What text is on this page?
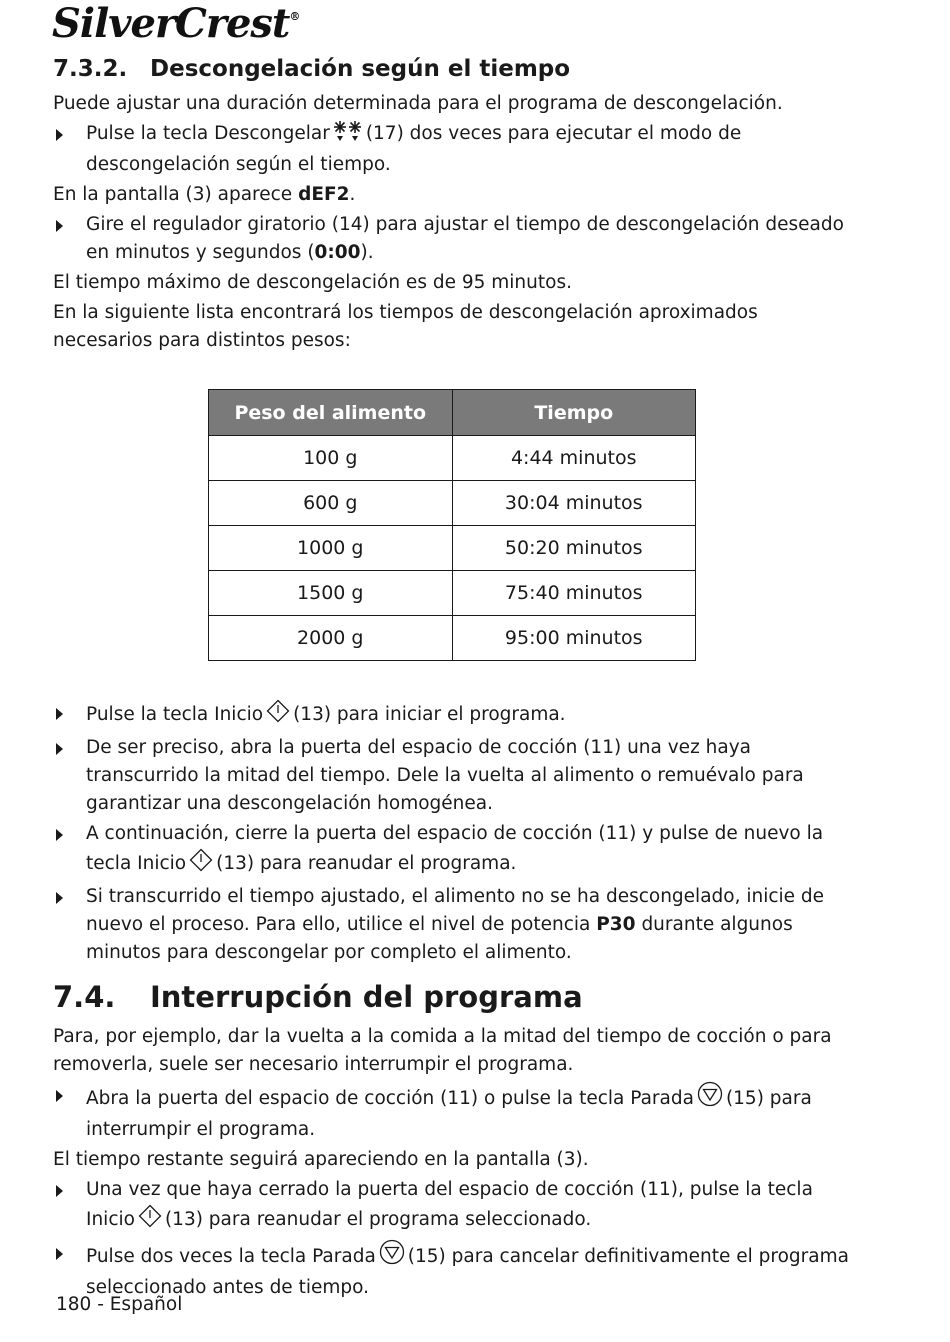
SilverCrest®
7.3.2. Descongelación según el tiempo

Puede ajustar una duración determinada para el programa de descongelación.

Pulse la tecla Descongelar (17) dos veces para ejecutar el modo de descongelación según el tiempo.

En la pantalla (3) aparece dEF2.

Gire el regulador giratorio (14) para ajustar el tiempo de descongelación deseado en minutos y segundos (0:00).

El tiempo máximo de descongelación es de 95 minutos.

En la siguiente lista encontrará los tiempos de descongelación aproximados necesarios para distintos pesos:

Peso del alimento	Tiempo
100 g	4:44 minutos
600 g	30:04 minutos
1000 g	50:20 minutos
1500 g	75:40 minutos
2000 g	95:00 minutos
Pulse la tecla Inicio (13) para iniciar el programa.
De ser preciso, abra la puerta del espacio de cocción (11) una vez haya transcurrido la mitad del tiempo. Dele la vuelta al alimento o remuévalo para garantizar una descongelación homogénea.
A continuación, cierre la puerta del espacio de cocción (11) y pulse de nuevo la tecla Inicio (13) para reanudar el programa.
Si transcurrido el tiempo ajustado, el alimento no se ha descongelado, inicie de nuevo el proceso. Para ello, utilice el nivel de potencia P30 durante algunos minutos para descongelar por completo el alimento.
7.4. Interrupción del programa

Para, por ejemplo, dar la vuelta a la comida a la mitad del tiempo de cocción o para removerla, suele ser necesario interrumpir el programa.

Abra la puerta del espacio de cocción (11) o pulse la tecla Parada (15) para interrumpir el programa.

El tiempo restante seguirá apareciendo en la pantalla (3).

Una vez que haya cerrado la puerta del espacio de cocción (11), pulse la tecla Inicio (13) para reanudar el programa seleccionado.
Pulse dos veces la tecla Parada (15) para cancelar definitivamente el programa seleccionado antes de tiempo.
180 - Español
